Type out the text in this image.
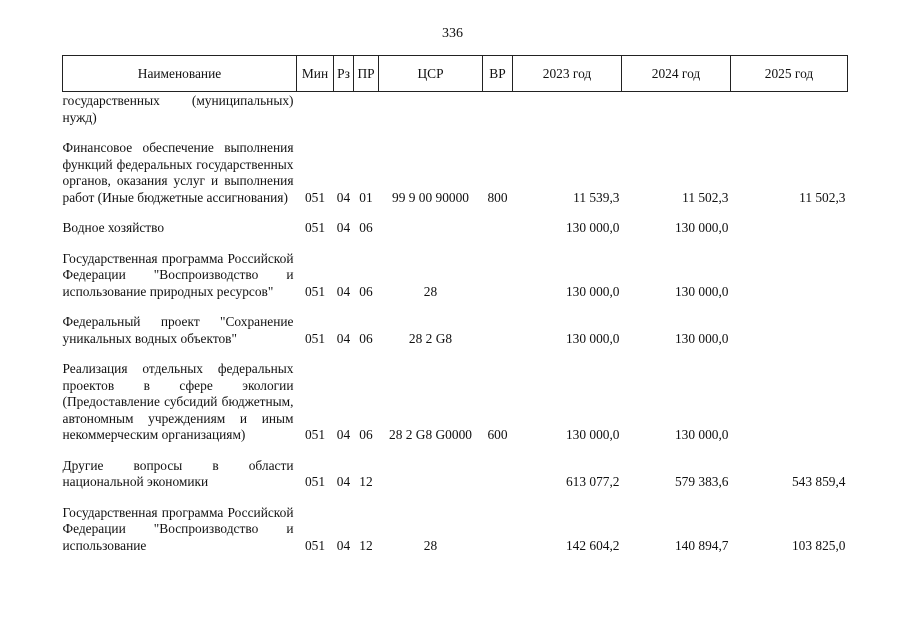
336
Наименование	Мин	Рз	ПР	ЦСР	ВР	2023 год	2024 год	2025 год
государственных (муниципальных) нужд)								

Финансовое обеспечение выполнения функций федеральных государственных органов, оказания услуг и выполнения работ (Иные бюджетные ассигнования)	051	04	01	99 9 00 90000	800	11 539,3	11 502,3	11 502,3

Водное хозяйство	051	04	06			130 000,0	130 000,0	

Государственная программа Российской Федерации "Воспроизводство и использование природных ресурсов"	051	04	06	28		130 000,0	130 000,0	

Федеральный проект "Сохранение уникальных водных объектов"	051	04	06	28 2 G8		130 000,0	130 000,0	

Реализация отдельных федеральных проектов в сфере экологии (Предоставление субсидий бюджетным, автономным учреждениям и иным некоммерческим организациям)	051	04	06	28 2 G8 G0000	600	130 000,0	130 000,0	

Другие вопросы в области национальной экономики	051	04	12			613 077,2	579 383,6	543 859,4

Государственная программа Российской Федерации "Воспроизводство и использование	051	04	12	28		142 604,2	140 894,7	103 825,0
